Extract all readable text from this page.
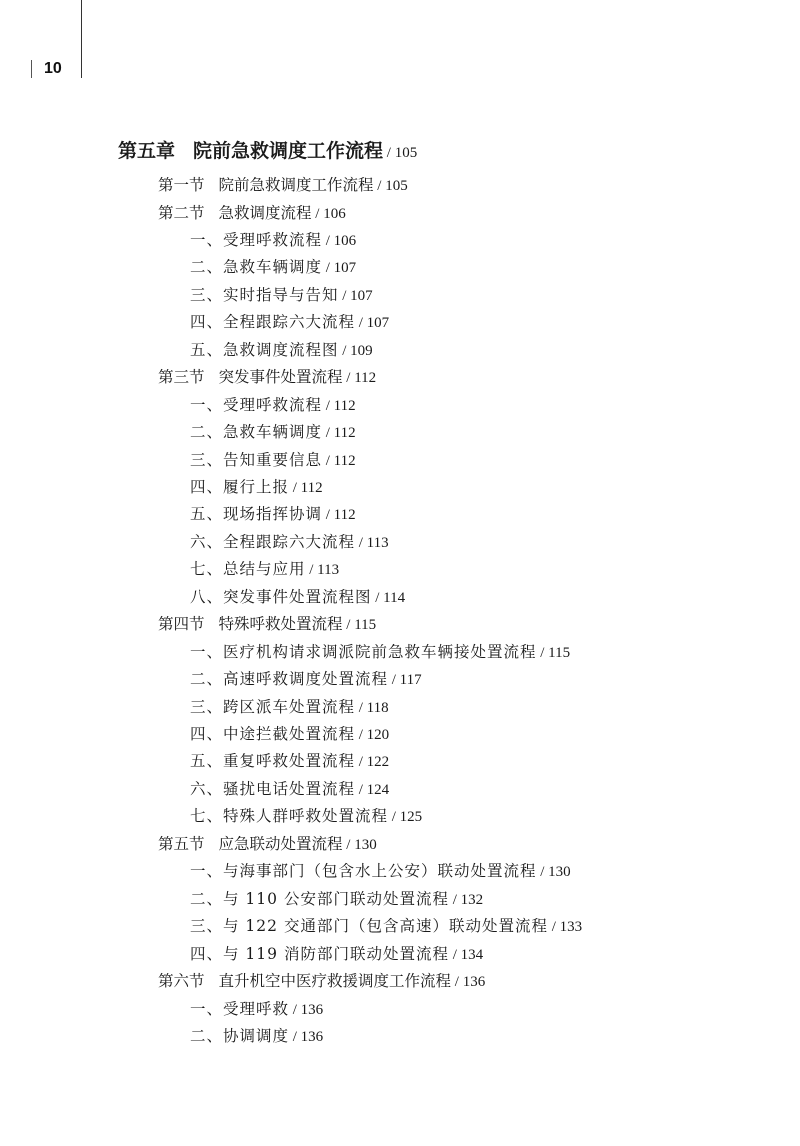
10
第五章 院前急救调度工作流程 / 105
第一节 院前急救调度工作流程 / 105
第二节 急救调度流程 / 106
一、受理呼救流程 / 106
二、急救车辆调度 / 107
三、实时指导与告知 / 107
四、全程跟踪六大流程 / 107
五、急救调度流程图 / 109
第三节 突发事件处置流程 / 112
一、受理呼救流程 / 112
二、急救车辆调度 / 112
三、告知重要信息 / 112
四、履行上报 / 112
五、现场指挥协调 / 112
六、全程跟踪六大流程 / 113
七、总结与应用 / 113
八、突发事件处置流程图 / 114
第四节 特殊呼救处置流程 / 115
一、医疗机构请求调派院前急救车辆接处置流程 / 115
二、高速呼救调度处置流程 / 117
三、跨区派车处置流程 / 118
四、中途拦截处置流程 / 120
五、重复呼救处置流程 / 122
六、骚扰电话处置流程 / 124
七、特殊人群呼救处置流程 / 125
第五节 应急联动处置流程 / 130
一、与海事部门（包含水上公安）联动处置流程 / 130
二、与 110 公安部门联动处置流程 / 132
三、与 122 交通部门（包含高速）联动处置流程 / 133
四、与 119 消防部门联动处置流程 / 134
第六节 直升机空中医疗救援调度工作流程 / 136
一、受理呼救 / 136
二、协调调度 / 136
